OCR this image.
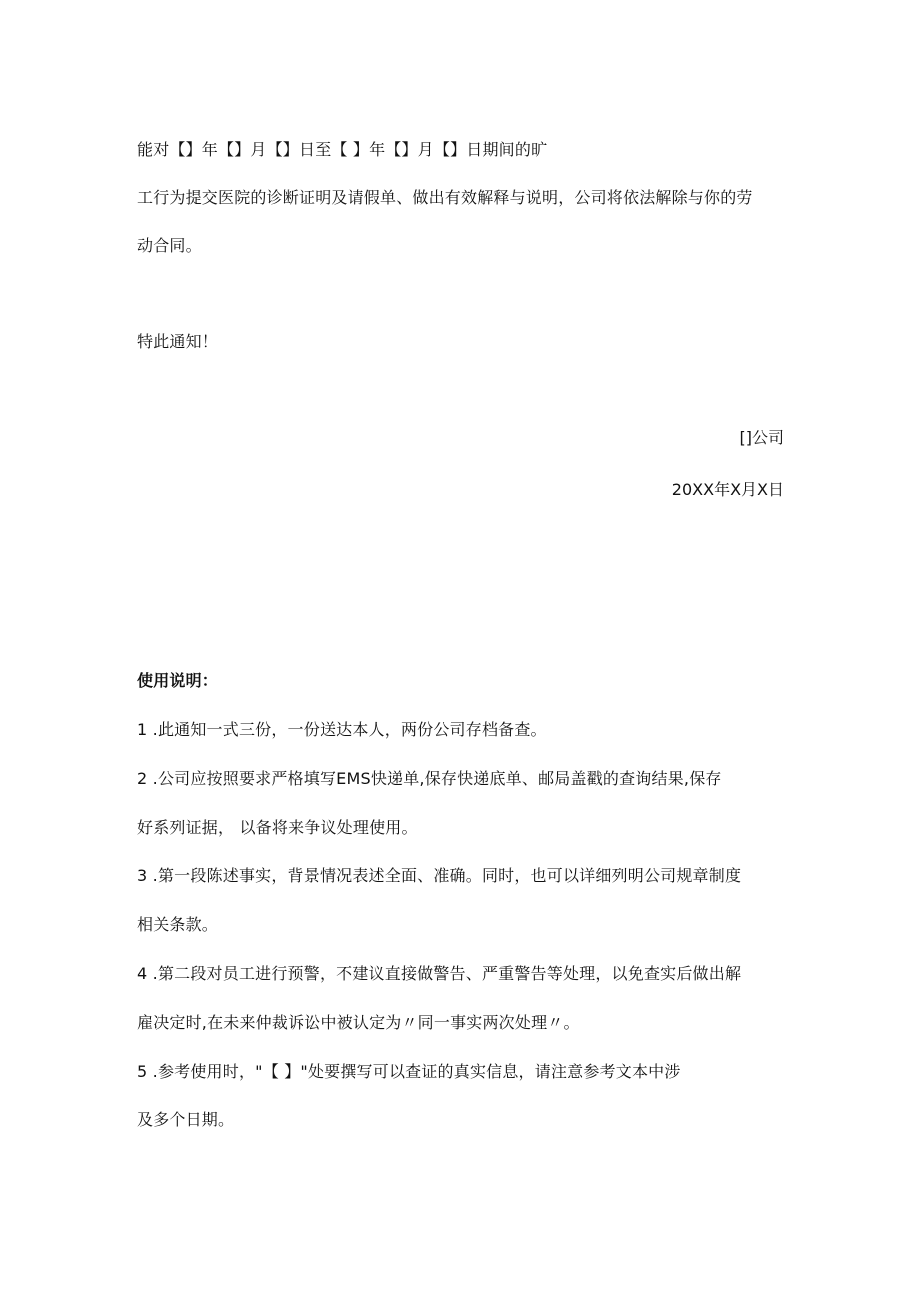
能对【】年【】月【】日至【 】年【】月【】日期间的旷
工行为提交医院的诊断证明及请假单、做出有效解释与说明，公司将依法解除与你的劳
动合同。
特此通知！
[]公司
20XX年X月X日
使用说明：
1 .此通知一式三份，一份送达本人，两份公司存档备查。
2 .公司应按照要求严格填写EMS快递单,保存快递底单、邮局盖戳的查询结果,保存
好系列证据， 以备将来争议处理使用。
3 .第一段陈述事实，背景情况表述全面、准确。同时，也可以详细列明公司规章制度
相关条款。
4 .第二段对员工进行预警，不建议直接做警告、严重警告等处理，以免查实后做出解
雇决定时,在未来仲裁诉讼中被认定为〃同一事实两次处理〃。
5 .参考使用时，"【 】"处要撰写可以查证的真实信息，请注意参考文本中涉
及多个日期。
